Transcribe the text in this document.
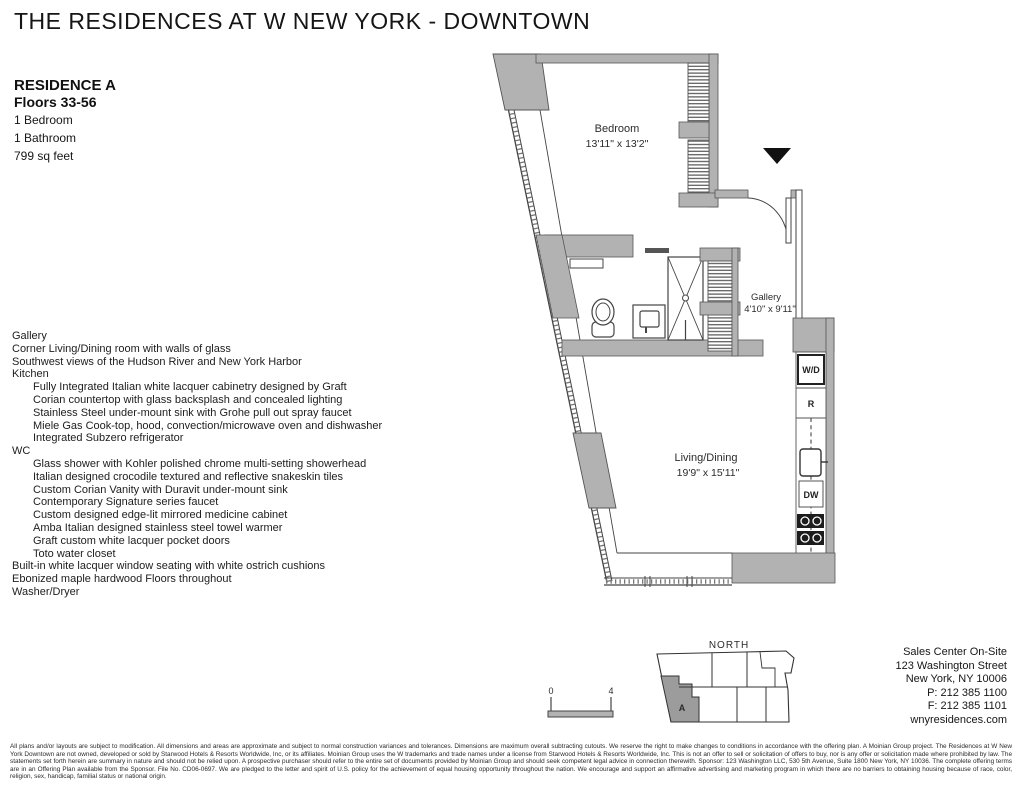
THE RESIDENCES AT W NEW YORK - DOWNTOWN
RESIDENCE A
Floors 33-56
1 Bedroom
1 Bathroom
799 sq feet
Gallery
Corner Living/Dining room with walls of glass
Southwest views of the Hudson River and New York Harbor
Kitchen
Fully Integrated Italian white lacquer cabinetry designed by Graft
Corian countertop with glass backsplash and concealed lighting
Stainless Steel under-mount sink with Grohe pull out spray faucet
Miele Gas Cook-top, hood, convection/microwave oven and dishwasher
Integrated Subzero refrigerator
WC
Glass shower with Kohler polished chrome multi-setting showerhead
Italian designed crocodile textured and reflective snakeskin tiles
Custom Corian Vanity with Duravit under-mount sink
Contemporary Signature series faucet
Custom designed edge-lit mirrored medicine cabinet
Amba Italian designed stainless steel towel warmer
Graft custom white lacquer pocket doors
Toto water closet
Built-in white lacquer window seating with white ostrich cushions
Ebonized maple hardwood Floors throughout
Washer/Dryer
Bedroom
13'11" x 13'2"
Gallery
4'10" x 9'11"
Living/Dining
19'9" x 15'11"
W/D
R
DW
NORTH
A
0	4
Sales Center On-Site
123 Washington Street
New York, NY 10006
P: 212 385 1100
F: 212 385 1101
wnyresidences.com
All plans and/or layouts are subject to modification. All dimensions and areas are approximate and subject to normal construction variances and tolerances. Dimensions are maximum overall subtracting cutouts. We reserve the right to make changes to conditions in accordance with the offering plan. A Moinian Group project. The Residences at W New York Downtown are not owned, developed or sold by Starwood Hotels & Resorts Worldwide, Inc, or its affiliates. Moinian Group uses the W trademarks and trade names under a license from Starwood Hotels & Resorts Worldwide, Inc. This is not an offer to sell or solicitation of offers to buy, nor is any offer or solicitation made where prohibited by law. The statements set forth herein are summary in nature and should not be relied upon. A prospective purchaser should refer to the entire set of documents provided by Moinian Group and should seek competent legal advice in connection therewith. Sponsor: 123 Washington LLC, 530 5th Avenue, Suite 1800 New York, NY 10036. The complete offering terms are in an Offering Plan available from the Sponsor. File No. CD06-0697. We are pledged to the letter and spirit of U.S. policy for the achievement of equal housing opportunity throughout the nation. We encourage and support an affirmative advertising and marketing program in which there are no barriers to obtaining housing because of race, color, religion, sex, handicap, familial status or national origin.
